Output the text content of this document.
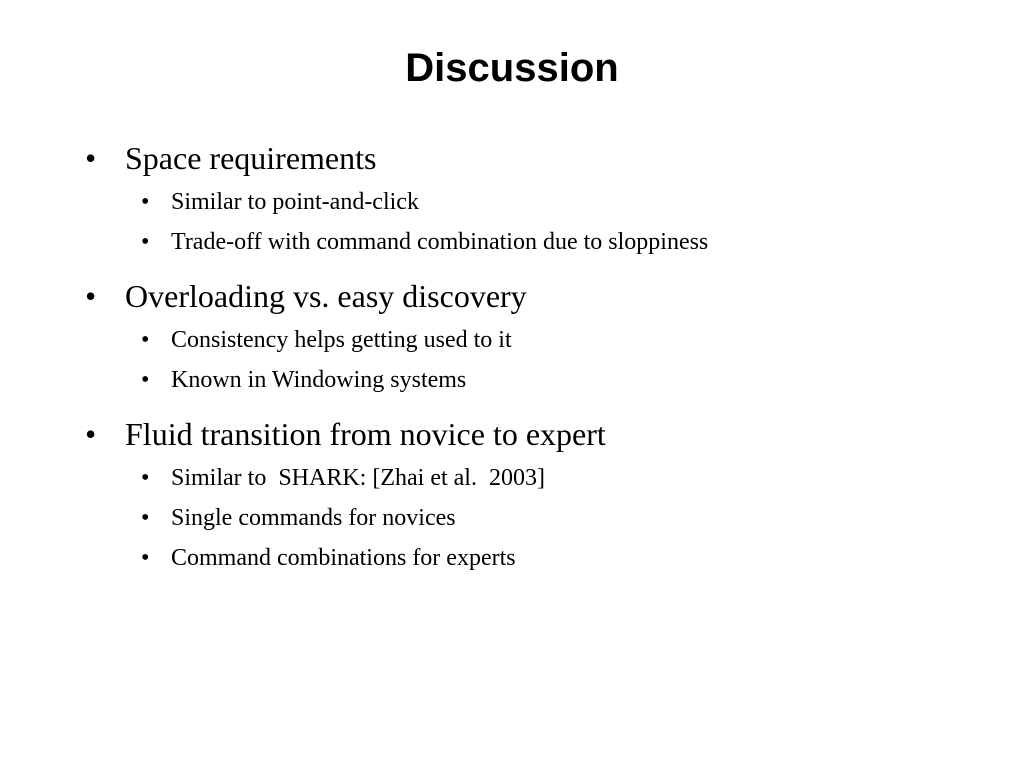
Discussion
• Space requirements
• Similar to point-and-click
• Trade-off with command combination due to sloppiness
• Overloading vs. easy discovery
• Consistency helps getting used to it
• Known in Windowing systems
• Fluid transition from novice to expert
• Similar to  SHARK: [Zhai et al.  2003]
• Single commands for novices
• Command combinations for experts
